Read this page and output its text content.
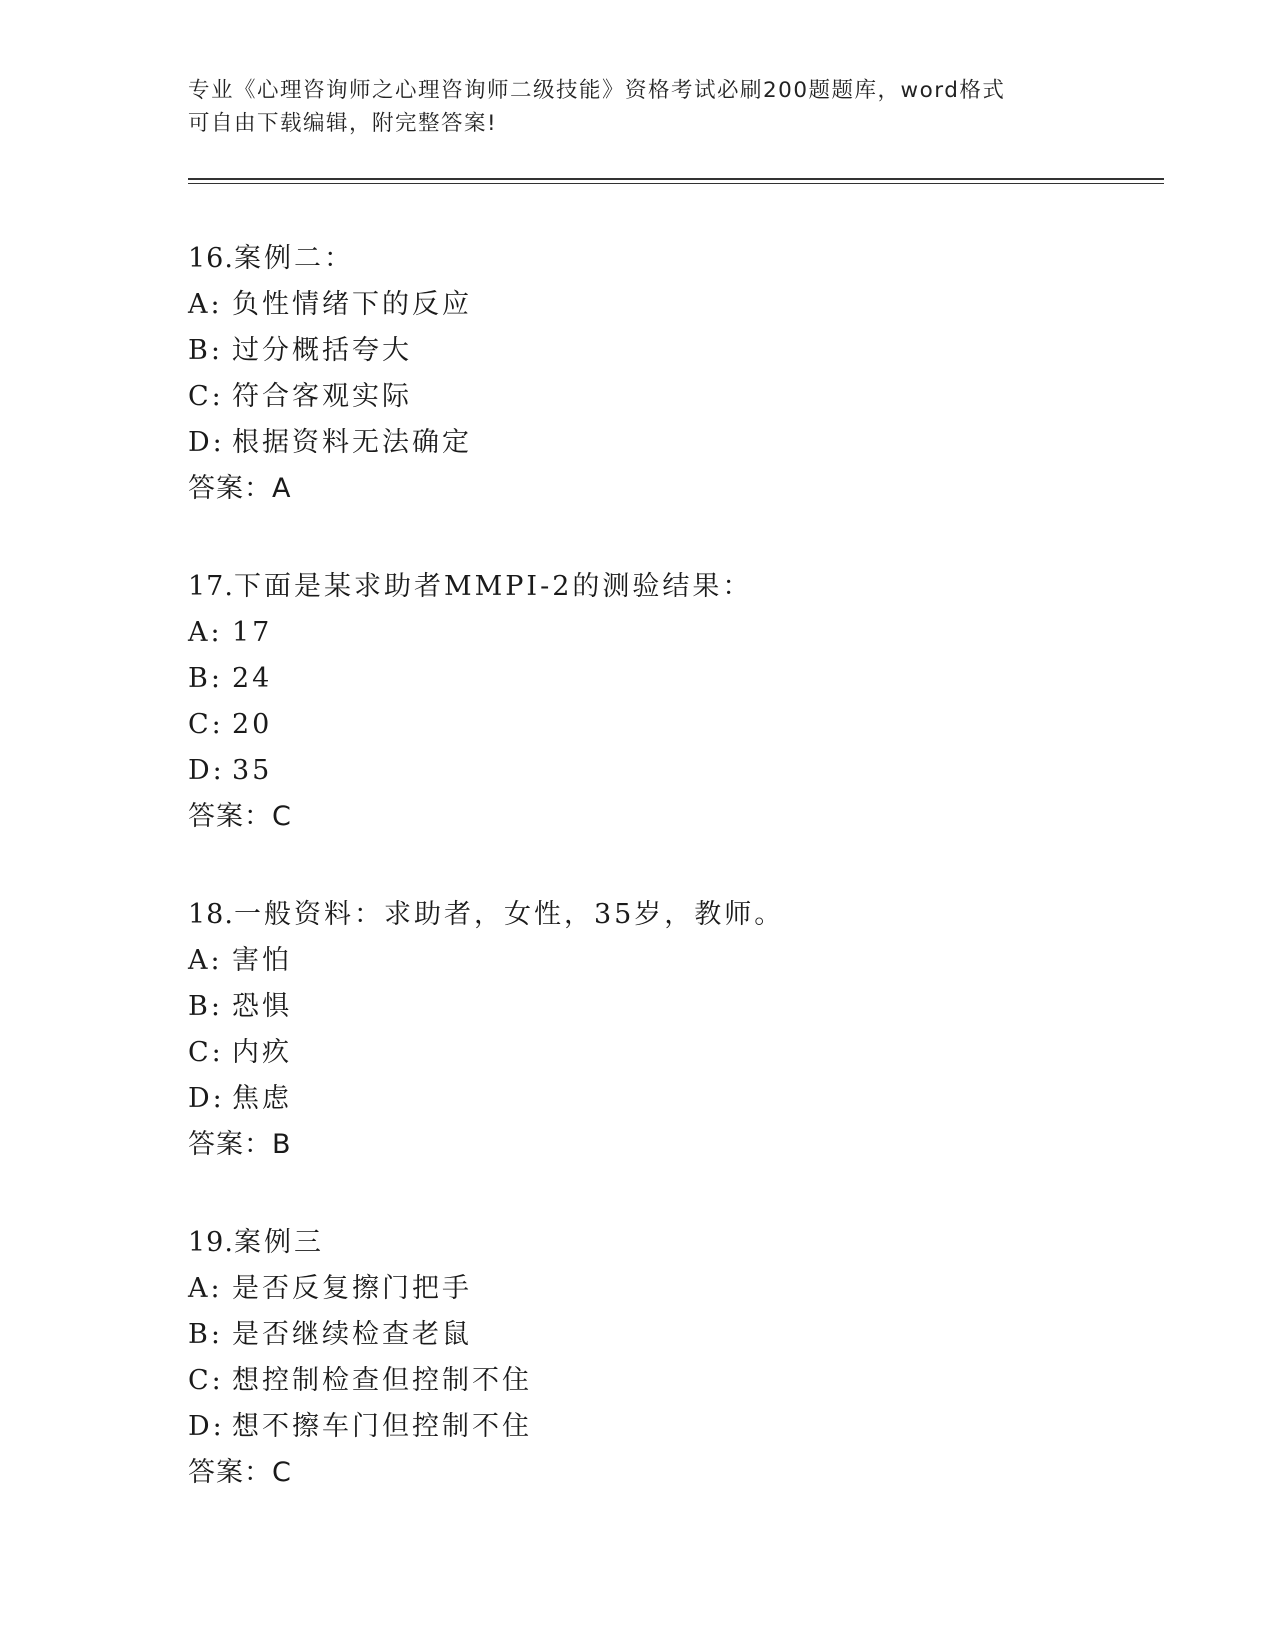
专业《心理咨询师之心理咨询师二级技能》资格考试必刷200题题库，word格式
可自由下载编辑，附完整答案!
16.案例二：
A: 负性情绪下的反应
B: 过分概括夸大
C: 符合客观实际
D: 根据资料无法确定
答案：A
17.下面是某求助者MMPI-2的测验结果：
A: 17
B: 24
C: 20
D: 35
答案：C
18.一般资料：求助者，女性，35岁，教师。
A: 害怕
B: 恐惧
C: 内疚
D: 焦虑
答案：B
19.案例三
A: 是否反复擦门把手
B: 是否继续检查老鼠
C: 想控制检查但控制不住
D: 想不擦车门但控制不住
答案：C
